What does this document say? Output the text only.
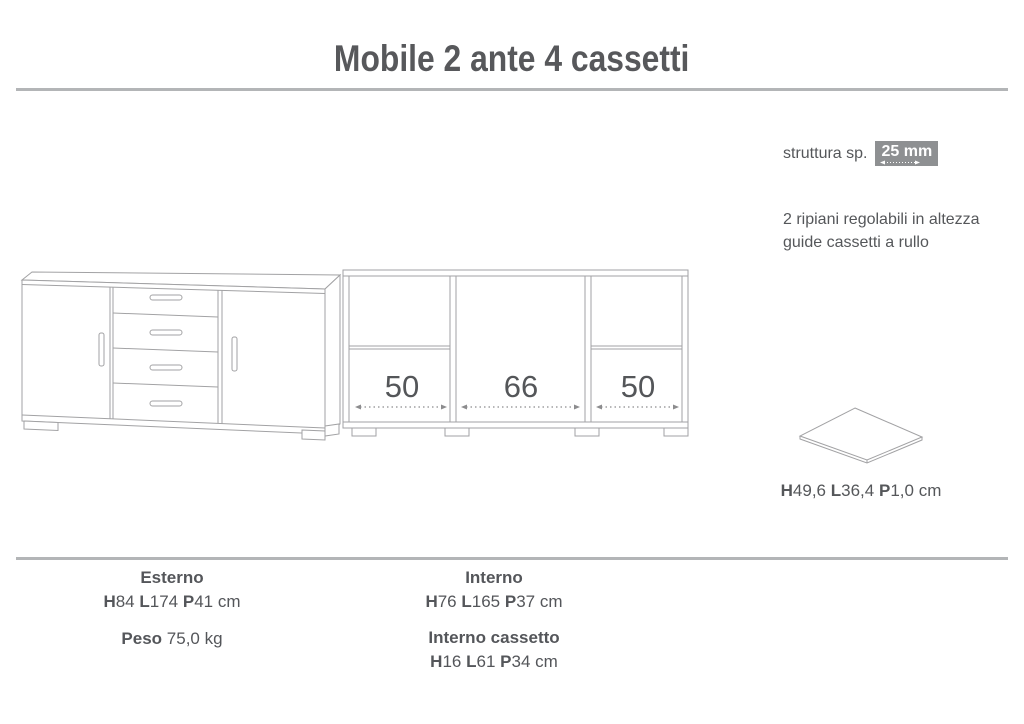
Mobile 2 ante 4 cassetti
struttura sp. 25 mm
2 ripiani regolabili in altezza
guide cassetti a rullo
50	66	50
H49,6 L36,4 P1,0 cm
Esterno
H84 L174 P41 cm
Peso 75,0 kg
Interno
H76 L165 P37 cm
Interno cassetto
H16 L61 P34 cm
